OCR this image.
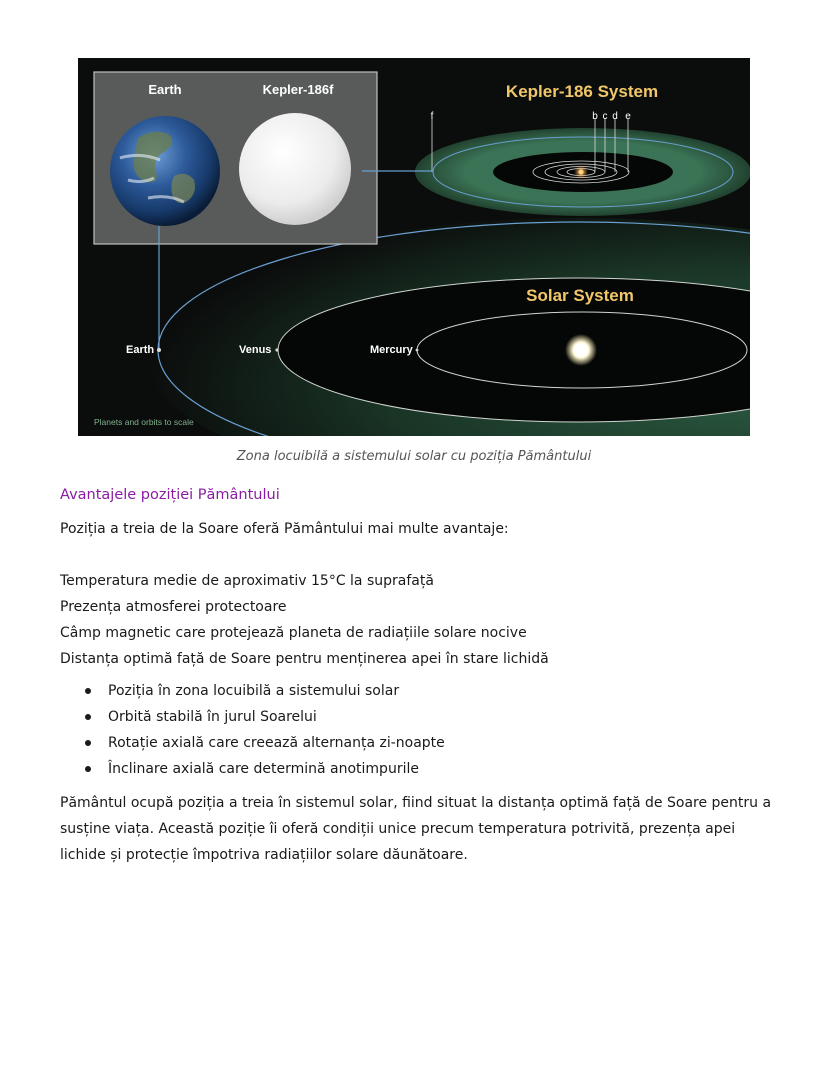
Earth	Kepler-186f	Kepler-186 System
f	b c d e
Solar System
Earth	Venus	Mercury
Planets and orbits to scale
Zona locuibilă a sistemului solar cu poziția Pământului
Avantajele poziției Pământului
Poziția a treia de la Soare oferă Pământului mai multe avantaje:
Temperatura medie de aproximativ 15°C la suprafață
Prezența atmosferei protectoare
Câmp magnetic care protejează planeta de radiațiile solare nocive
Distanța optimă față de Soare pentru menținerea apei în stare lichidă
Poziția în zona locuibilă a sistemului solar
Orbită stabilă în jurul Soarelui
Rotație axială care creează alternanța zi-noapte
Înclinare axială care determină anotimpurile
Pământul ocupă poziția a treia în sistemul solar, fiind situat la distanța optimă față de Soare pentru a susține viața. Această poziție îi oferă condiții unice precum temperatura potrivită, prezența apei lichide și protecție împotriva radiațiilor solare dăunătoare.
